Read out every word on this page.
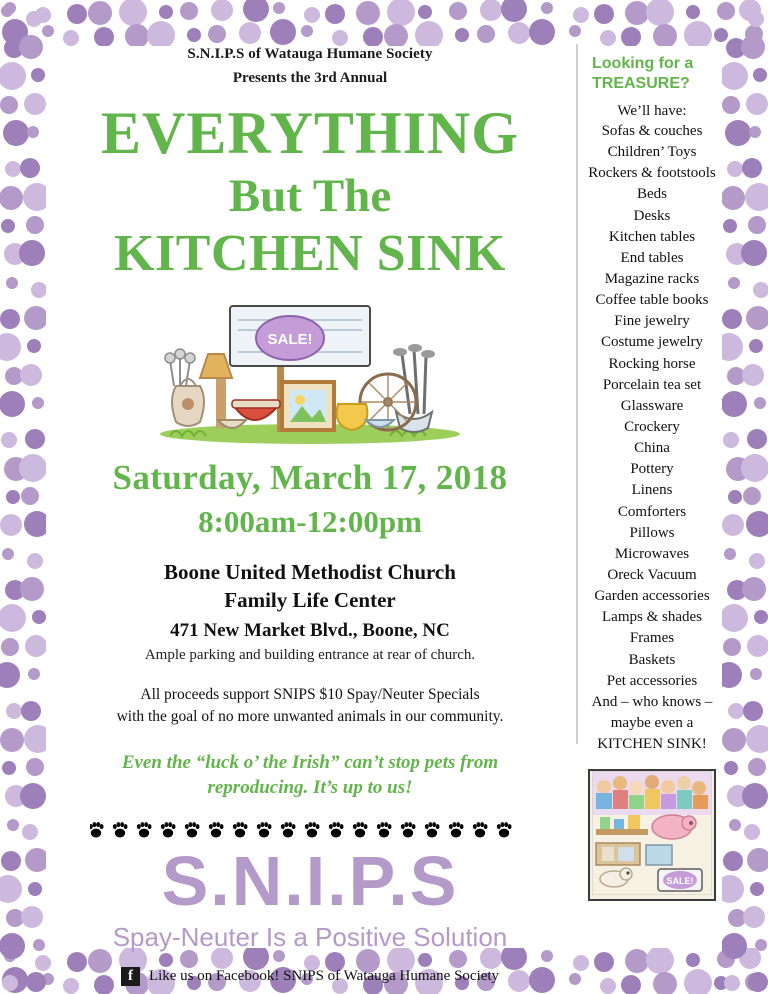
S.N.I.P.S of Watauga Humane Society
Presents the 3rd Annual
EVERYTHING
But The
KITCHEN SINK
SALE!
Saturday, March 17, 2018
8:00am-12:00pm
Boone United Methodist Church
Family Life Center
471 New Market Blvd., Boone, NC
Ample parking and building entrance at rear of church.
All proceeds support SNIPS $10 Spay/Neuter Specials
with the goal of no more unwanted animals in our community.
Even the “luck o’ the Irish” can’t stop pets from
reproducing. It’s up to us!
S.N.I.P.S
Spay-Neuter Is a Positive Solution
f	Like us on Facebook! SNIPS of Watauga Humane Society
Looking for a
TREASURE?
We’ll have:
Sofas & couches
Children’ Toys
Rockers & footstools
Beds
Desks
Kitchen tables
End tables
Magazine racks
Coffee table books
Fine jewelry
Costume jewelry
Rocking horse
Porcelain tea set
Glassware
Crockery
China
Pottery
Linens
Comforters
Pillows
Microwaves
Oreck Vacuum
Garden accessories
Lamps & shades
Frames
Baskets
Pet accessories
And – who knows –
maybe even a
KITCHEN SINK!
SALE!
